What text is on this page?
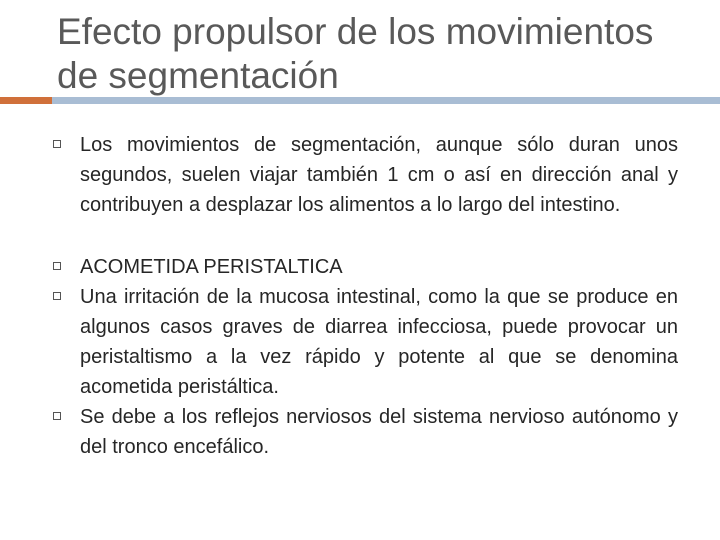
Efecto propulsor de los movimientos de segmentación
Los movimientos de segmentación, aunque sólo duran unos segundos, suelen viajar también 1 cm o así en dirección anal y contribuyen a desplazar los alimentos a lo largo del intestino.
ACOMETIDA PERISTALTICA
Una irritación de la mucosa intestinal, como la que se produce en algunos casos graves de diarrea infecciosa, puede provocar un peristaltismo a la vez rápido y potente al que se denomina acometida peristáltica.
Se debe a los reflejos nerviosos del sistema nervioso autónomo y del tronco encefálico.
